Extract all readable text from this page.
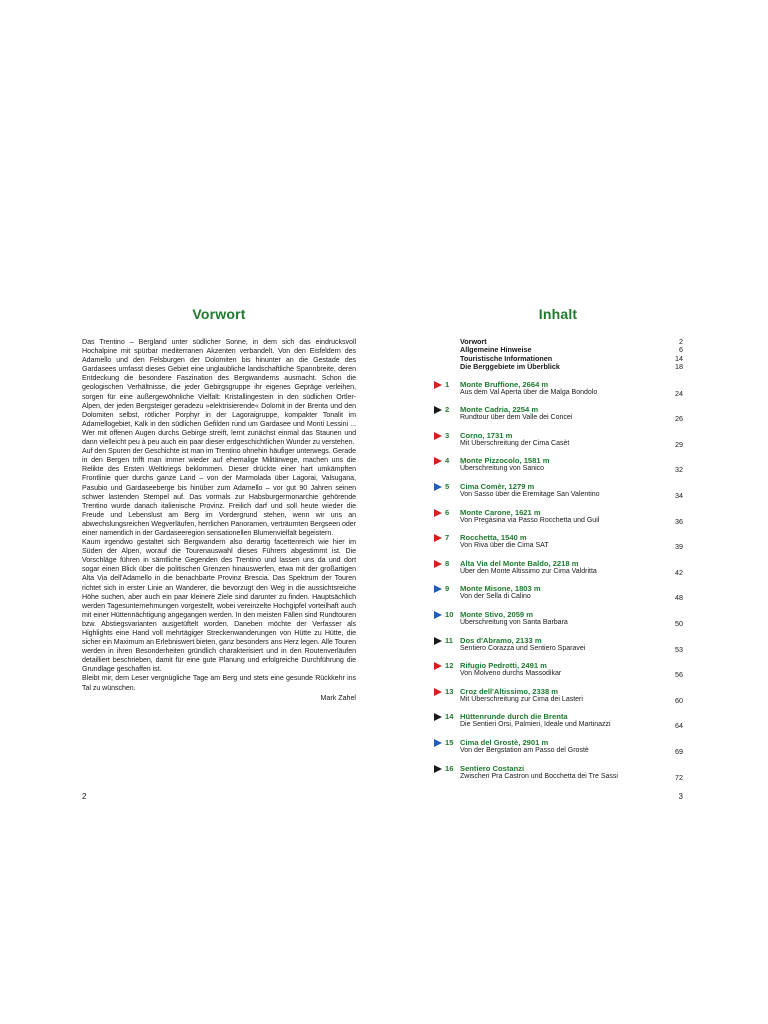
Vorwort

Das Trentino – Bergland unter südlicher Sonne, in dem sich das eindrucksvoll Hochalpine mit spürbar mediterranen Akzenten verbandelt. Von den Eisfeldern des Adamello und den Felsburgen der Dolomiten bis hinunter an die Gestade des Gardasees umfasst dieses Gebiet eine unglaubliche landschaftliche Spannbreite, deren Entdeckung die besondere Faszination des Bergwanderns ausmacht. Schon die geologischen Verhältnisse, die jeder Gebirgsgruppe ihr eigenes Gepräge verleihen, sorgen für eine außergewöhnliche Vielfalt: Kristallingestein in den südlichen Ortler-Alpen, der jeden Bergsteiger geradezu »elektrisierende« Dolomit in der Brenta und den Dolomiten selbst, rötlicher Porphyr in der Lagoraigruppe, kompakter Tonalit im Adamellogebiet, Kalk in den südlichen Gefilden rund um Gardasee und Monti Lessini ... Wer mit offenen Augen durchs Gebirge streift, lernt zunächst einmal das Staunen und dann vielleicht peu à peu auch ein paar dieser erdgeschichtlichen Wunder zu verstehen.

Auf den Spuren der Geschichte ist man im Trentino ohnehin häufiger unterwegs. Gerade in den Bergen trifft man immer wieder auf ehemalige Militärwege, machen uns die Relikte des Ersten Weltkriegs beklommen. Dieser drückte einer hart umkämpften Frontlinie quer durchs ganze Land – von der Marmolada über Lagorai, Valsugana, Pasubio und Gardaseeberge bis hinüber zum Adamello – vor gut 90 Jahren seinen schwer lastenden Stempel auf. Das vormals zur Habsburgermonarchie gehörende Trentino wurde danach italienische Provinz. Freilich darf und soll heute wieder die Freude und Lebenslust am Berg im Vordergrund stehen, wenn wir uns an abwechslungsreichen Wegverläufen, herrlichen Panoramen, verträumten Bergseen oder einer namentlich in der Gardaseeregion sensationellen Blumenvielfalt begeistern.

Kaum irgendwo gestaltet sich Bergwandern also derartig facettenreich wie hier im Süden der Alpen, worauf die Tourenauswahl dieses Führers abgestimmt ist. Die Vorschläge führen in sämtliche Gegenden des Trentino und lassen uns da und dort sogar einen Blick über die politischen Grenzen hinauswerfen, etwa mit der großartigen Alta Via dell'Adamello in die benachbarte Provinz Brescia. Das Spektrum der Touren richtet sich in erster Linie an Wanderer, die bevorzugt den Weg in die aussichtsreiche Höhe suchen, aber auch ein paar kleinere Ziele sind darunter zu finden. Hauptsächlich werden Tagesunternehmungen vorgestellt, wobei vereinzelte Hochgipfel vorteilhaft auch mit einer Hüttennächtigung angegangen werden. In den meisten Fällen sind Rundtouren bzw. Abstiegsvarianten ausgetüftelt worden. Daneben möchte der Verfasser als Highlights eine Hand voll mehrtägiger Streckenwanderungen von Hütte zu Hütte, die sicher ein Maximum an Erlebniswert bieten, ganz besonders ans Herz legen. Alle Touren werden in ihren Besonderheiten gründlich charakterisiert und in den Routenverläufen detailliert beschrieben, damit für eine gute Planung und erfolgreiche Durchführung die Grundlage geschaffen ist.

Bleibt mir, dem Leser vergnügliche Tage am Berg und stets eine gesunde Rückkehr ins Tal zu wünschen.

Mark Zahel
2
Inhalt
Vorwort	2
Allgemeine Hinweise	6
Touristische Informationen	14
Die Berggebiete im Überblick	18
1 Monte Bruffione, 2664 m
Aus dem Val Aperta über die Malga Bondolo	24
2 Monte Cadria, 2254 m
Rundtour über dem Valle dei Concei	26
3 Corno, 1731 m
Mit Überschreitung der Cima Casèt	29
4 Monte Pizzocolo, 1581 m
Überschreitung von Sanico	32
5 Cima Comèr, 1279 m
Von Sasso über die Eremitage San Valentino	34
6 Monte Carone, 1621 m
Von Pregàsina via Passo Rocchetta und Guil	36
7 Rocchetta, 1540 m
Von Riva über die Cima SAT	39
8 Alta Via del Monte Baldo, 2218 m
Über den Monte Altissimo zur Cima Valdritta	42
9 Monte Misone, 1803 m
Von der Sella di Calino	48
10 Monte Stivo, 2059 m
Überschreitung von Santa Barbara	50
11 Dos d'Abramo, 2133 m
Sentiero Corazza und Sentiero Sparavei	53
12 Rifugio Pedrotti, 2491 m
Von Molveno durchs Massodikar	56
13 Croz dell'Altissimo, 2338 m
Mit Überschreitung zur Cima dei Lasteri	60
14 Hüttenrunde durch die Brenta
Die Sentieri Orsi, Palmieri, Ideale und Martinazzi	64
15 Cima del Grostè, 2901 m
Von der Bergstation am Passo del Grostè	69
16 Sentiero Costanzi
Zwischen Pra Castron und Bocchetta dei Tre Sassi	72
3
